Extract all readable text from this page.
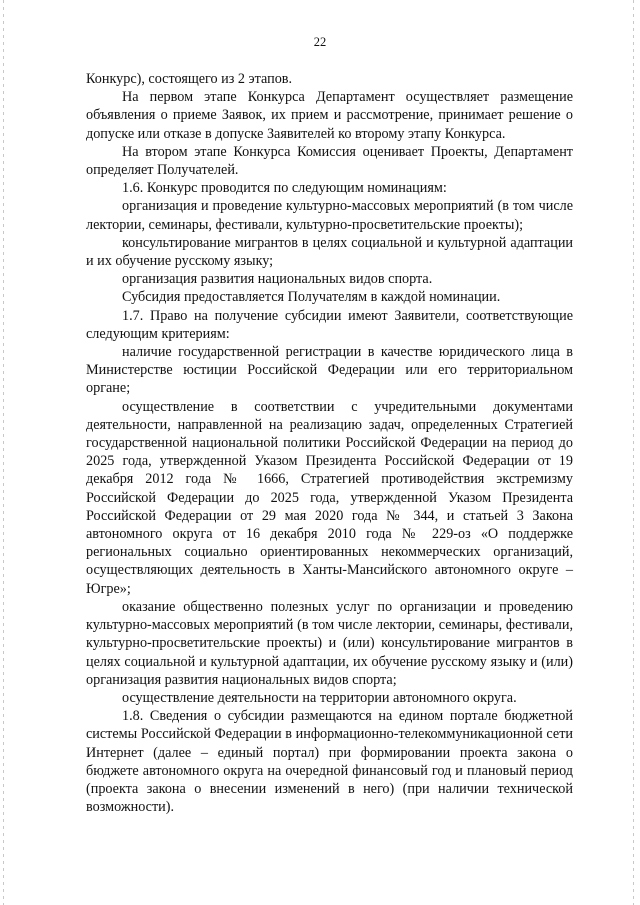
22

Конкурс), состоящего из 2 этапов.

На первом этапе Конкурса Департамент осуществляет размещение объявления о приеме Заявок, их прием и рассмотрение, принимает решение о допуске или отказе в допуске Заявителей ко второму этапу Конкурса.

На втором этапе Конкурса Комиссия оценивает Проекты, Департамент определяет Получателей.

1.6. Конкурс проводится по следующим номинациям:

организация и проведение культурно-массовых мероприятий (в том числе лектории, семинары, фестивали, культурно-просветительские проекты);

консультирование мигрантов в целях социальной и культурной адаптации и их обучение русскому языку;

организация развития национальных видов спорта.

Субсидия предоставляется Получателям в каждой номинации.

1.7. Право на получение субсидии имеют Заявители, соответствующие следующим критериям:

наличие государственной регистрации в качестве юридического лица в Министерстве юстиции Российской Федерации или его территориальном органе;

осуществление в соответствии с учредительными документами деятельности, направленной на реализацию задач, определенных Стратегией государственной национальной политики Российской Федерации на период до 2025 года, утвержденной Указом Президента Российской Федерации от 19 декабря 2012 года № 1666, Стратегией противодействия экстремизму Российской Федерации до 2025 года, утвержденной Указом Президента Российской Федерации от 29 мая 2020 года № 344, и статьей 3 Закона автономного округа от 16 декабря 2010 года № 229-оз «О поддержке региональных социально ориентированных некоммерческих организаций, осуществляющих деятельность в Ханты-Мансийского автономного округе – Югре»;

оказание общественно полезных услуг по организации и проведению культурно-массовых мероприятий (в том числе лектории, семинары, фестивали, культурно-просветительские проекты) и (или) консультирование мигрантов в целях социальной и культурной адаптации, их обучение русскому языку и (или) организация развития национальных видов спорта;

осуществление деятельности на территории автономного округа.

1.8. Сведения о субсидии размещаются на едином портале бюджетной системы Российской Федерации в информационно-телекоммуникационной сети Интернет (далее – единый портал) при формировании проекта закона о бюджете автономного округа на очередной финансовый год и плановый период (проекта закона о внесении изменений в него) (при наличии технической возможности).
